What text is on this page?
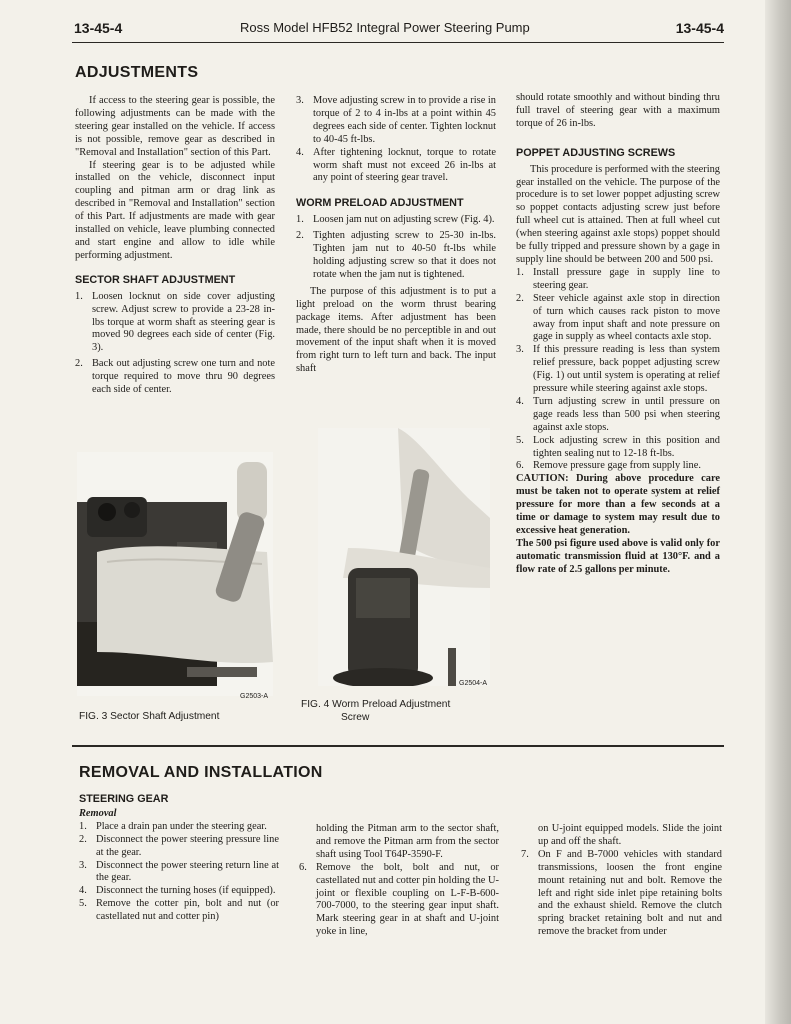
13-45-4	Ross Model HFB52 Integral Power Steering Pump	13-45-4
ADJUSTMENTS

If access to the steering gear is possible, the following adjustments can be made with the steering gear installed on the vehicle. If access is not possible, remove gear as described in "Removal and Installation" section of this Part.

If steering gear is to be adjusted while installed on the vehicle, disconnect input coupling and pitman arm or drag link as described in "Removal and Installation" section of this Part. If adjustments are made with gear installed on vehicle, leave plumbing connected and start engine and allow to idle while performing adjustment.

SECTOR SHAFT ADJUSTMENT
1. Loosen locknut on side cover adjusting screw. Adjust screw to provide a 23-28 in-lbs torque at worm shaft as steering gear is moved 90 degrees each side of center (Fig. 3).
2. Back out adjusting screw one turn and note torque required to move thru 90 degrees each side of center.
3. Move adjusting screw in to provide a rise in torque of 2 to 4 in-lbs at a point within 45 degrees each side of center. Tighten locknut to 40-45 ft-lbs.
4. After tightening locknut, torque to rotate worm shaft must not exceed 26 in-lbs at any point of steering gear travel.
WORM PRELOAD ADJUSTMENT
1. Loosen jam nut on adjusting screw (Fig. 4).
2. Tighten adjusting screw to 25-30 in-lbs. Tighten jam nut to 40-50 ft-lbs while holding adjusting screw so that it does not rotate when the jam nut is tightened.

The purpose of this adjustment is to put a light preload on the worm thrust bearing package items. After adjustment has been made, there should be no perceptible in and out movement of the input shaft when it is moved from right turn to left turn and back. The input shaft

should rotate smoothly and without binding thru full travel of steering gear with a maximum torque of 26 in-lbs.

POPPET ADJUSTING SCREWS

This procedure is performed with the steering gear installed on the vehicle. The purpose of the procedure is to set lower poppet adjusting screw so poppet contacts adjusting screw just before full wheel cut is attained. Then at full wheel cut (when steering against axle stops) poppet should be fully tripped and pressure shown by a gage in supply line should be between 200 and 500 psi.

1. Install pressure gage in supply line to steering gear.
2. Steer vehicle against axle stop in direction of turn which causes rack piston to move away from input shaft and note pressure on gage in supply as wheel contacts axle stop.
3. If this pressure reading is less than system relief pressure, back poppet adjusting screw (Fig. 1) out until system is operating at relief pressure while steering against axle stops.
4. Turn adjusting screw in until pressure on gage reads less than 500 psi when steering against axle stops.
5. Lock adjusting screw in this position and tighten sealing nut to 12-18 ft-lbs.
6. Remove pressure gage from supply line.
CAUTION: During above procedure care must be taken not to operate system at relief pressure for more than a few seconds at a time or damage to system may result due to excessive heat generation.
The 500 psi figure used above is valid only for automatic transmission fluid at 130°F. and a flow rate of 2.5 gallons per minute.
G2503-A
FIG. 3 Sector Shaft Adjustment
G2504-A
FIG. 4 Worm Preload Adjustment
Screw
REMOVAL AND INSTALLATION
STEERING GEAR
Removal
1. Place a drain pan under the steering gear.
2. Disconnect the power steering pressure line at the gear.
3. Disconnect the power steering return line at the gear.
4. Disconnect the turning hoses (if equipped).
5. Remove the cotter pin, bolt and nut (or castellated nut and cotter pin)
holding the Pitman arm to the sector shaft, and remove the Pitman arm from the sector shaft using Tool T64P-3590-F.
6. Remove the bolt, bolt and nut, or castellated nut and cotter pin holding the U-joint or flexible coupling on L-F-B-600-700-7000, to the steering gear input shaft. Mark steering gear in at shaft and U-joint yoke in line,
on U-joint equipped models. Slide the joint up and off the shaft.
7. On F and B-7000 vehicles with standard transmissions, loosen the front engine mount retaining nut and bolt. Remove the left and right side inlet pipe retaining bolts and the exhaust shield. Remove the clutch spring bracket retaining bolt and nut and remove the bracket from under
